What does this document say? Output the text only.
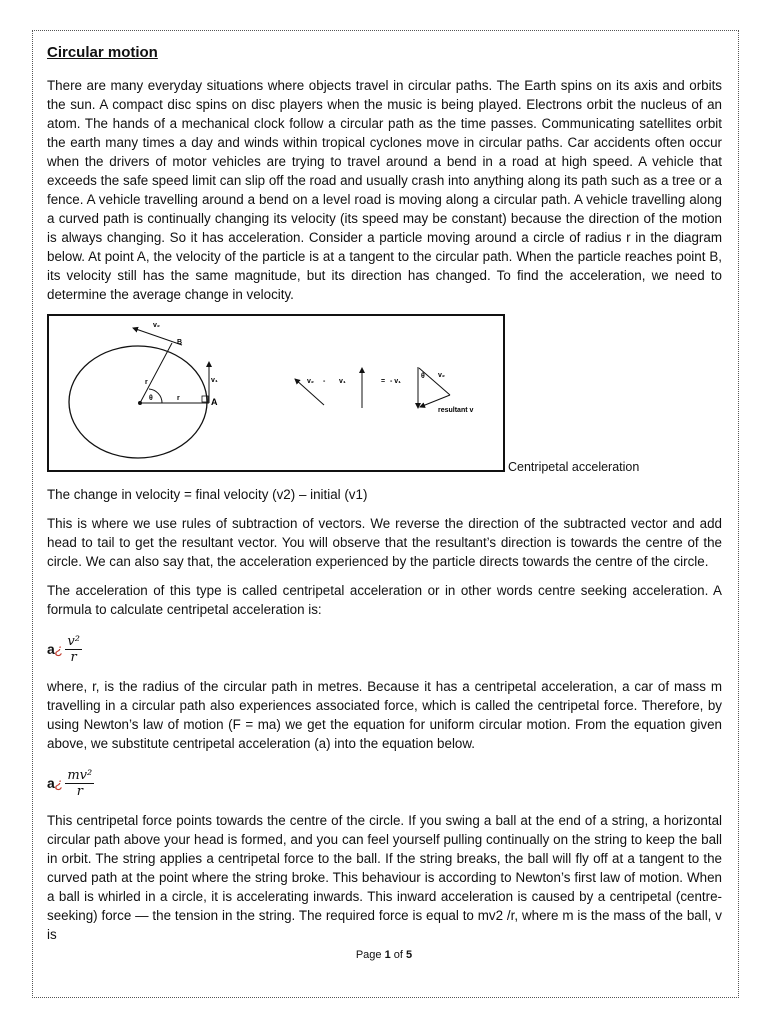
Circular motion

There are many everyday situations where objects travel in circular paths. The Earth spins on its axis and orbits the sun. A compact disc spins on disc players when the music is being played. Electrons orbit the nucleus of an atom. The hands of a mechanical clock follow a circular path as the time passes. Communicating satellites orbit the earth many times a day and winds within tropical cyclones move in circular paths. Car accidents often occur when the drivers of motor vehicles are trying to travel around a bend in a road at high speed. A vehicle that exceeds the safe speed limit can slip off the road and usually crash into anything along its path such as a tree or a fence. A vehicle travelling around a bend on a level road is moving along a circular path. A vehicle travelling along a curved path is continually changing its velocity (its speed may be constant) because the direction of the motion is always changing. So it has acceleration. Consider a particle moving around a circle of radius r in the diagram below. At point A, the velocity of the particle is at a tangent to the circular path. When the particle reaches point B, its velocity still has the same magnitude, but its direction has changed. To find the acceleration, we need to determine the average change in velocity.

v₂
B
v₁
A
r
r
θ
v₂ - v₁	= - v₁
θ v₂
resultant v
Centripetal acceleration

The change in velocity = final velocity (v2) – initial (v1)

This is where we use rules of subtraction of vectors. We reverse the direction of the subtracted vector and add head to tail to get the resultant vector. You will observe that the resultant’s direction is towards the centre of the circle. We can also say that, the acceleration experienced by the particle directs towards the centre of the circle.

The acceleration of this type is called centripetal acceleration or in other words centre seeking acceleration. A formula to calculate centripetal acceleration is:

a ¿ $\frac{\text{v²}}{r}$

where, r, is the radius of the circular path in metres. Because it has a centripetal acceleration, a car of mass m travelling in a circular path also experiences associated force, which is called the centripetal force. Therefore, by using Newton’s law of motion (F = ma) we get the equation for uniform circular motion. From the equation given above, we substitute centripetal acceleration (a) into the equation below.

a ¿ $\frac{\text{mv²}}{r}$

This centripetal force points towards the centre of the circle. If you swing a ball at the end of a string, a horizontal circular path above your head is formed, and you can feel yourself pulling continually on the string to keep the ball in orbit. The string applies a centripetal force to the ball. If the string breaks, the ball will fly off at a tangent to the curved path at the point where the string broke. This behaviour is according to Newton’s first law of motion. When a ball is whirled in a circle, it is accelerating inwards. This inward acceleration is caused by a centripetal (centre-seeking) force — the tension in the string. The required force is equal to mv2 /r, where m is the mass of the ball, v is

Page 1 of 5
